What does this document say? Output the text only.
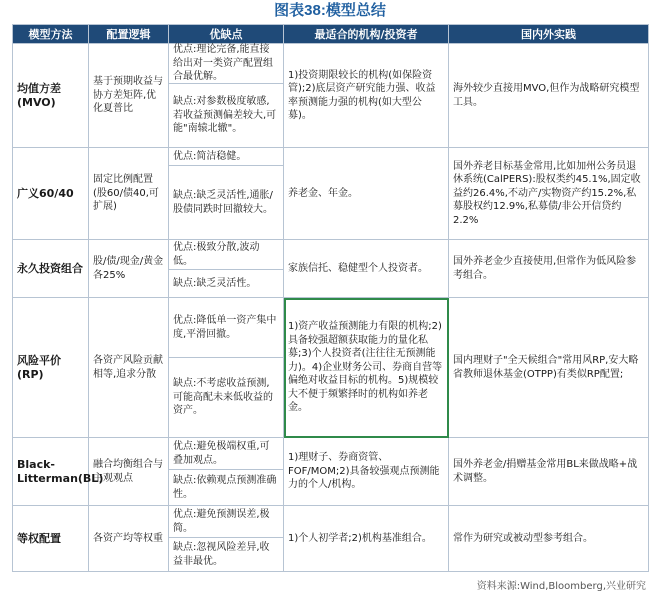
图表38:模型总结
模型方法	配置逻辑	优缺点	最适合的机构/投资者	国内外实践
均值方差(MVO)	基于预期收益与协方差矩阵,优化夏普比	优点:理论完备,能直接给出对一类资产配置组合最优解。
缺点:对参数极度敏感,若收益预测偏差较大,可能"南辕北辙"。	1)投资期限较长的机构(如保险资管);2)底层资产研究能力强、收益率预测能力强的机构(如大型公募)。	海外较少直接用MVO,但作为战略研究模型工具。
广义60/40	固定比例配置(股60/债40,可扩展)	优点:简洁稳健。
缺点:缺乏灵活性,通胀/股债同跌时回撤较大。	养老金、年金。	国外养老目标基金常用,比如加州公务员退休系统(CalPERS):股权类约45.1%,固定收益约26.4%,不动产/实物资产约15.2%,私募股权约12.9%,私募债/非公开信贷约2.2%
永久投资组合	股/债/现金/黄金各25%	优点:极致分散,波动低。
缺点:缺乏灵活性。	家族信托、稳健型个人投资者。	国外养老金少直接使用,但常作为低风险参考组合。
风险平价(RP)	各资产风险贡献相等,追求分散	优点:降低单一资产集中度,平滑回撤。
缺点:不考虑收益预测,可能高配未来低收益的资产。	1)资产收益预测能力有限的机构;2)具备较强超额获取能力的量化私募;3)个人投资者(注往往无预测能力)。4)企业财务公司、券商自营等偏绝对收益目标的机构。5)规模较大不便于频繁择时的机构如养老金。	国内理财子"全天候组合"常用风RP,安大略省教师退休基金(OTPP)有类似RP配置;
Black-Litterman(BL)	融合均衡组合与主观观点	优点:避免极端权重,可叠加观点。
缺点:依赖观点预测准确性。	1)理财子、券商资管、FOF/MOM;2)具备较强观点预测能力的个人/机构。	国外养老金/捐赠基金常用BL来做战略+战术调整。
等权配置	各资产均等权重	优点:避免预测误差,极简。
缺点:忽视风险差异,收益非最优。	1)个人初学者;2)机构基准组合。	常作为研究或被动型参考组合。
资料来源:Wind,Bloomberg,兴业研究
